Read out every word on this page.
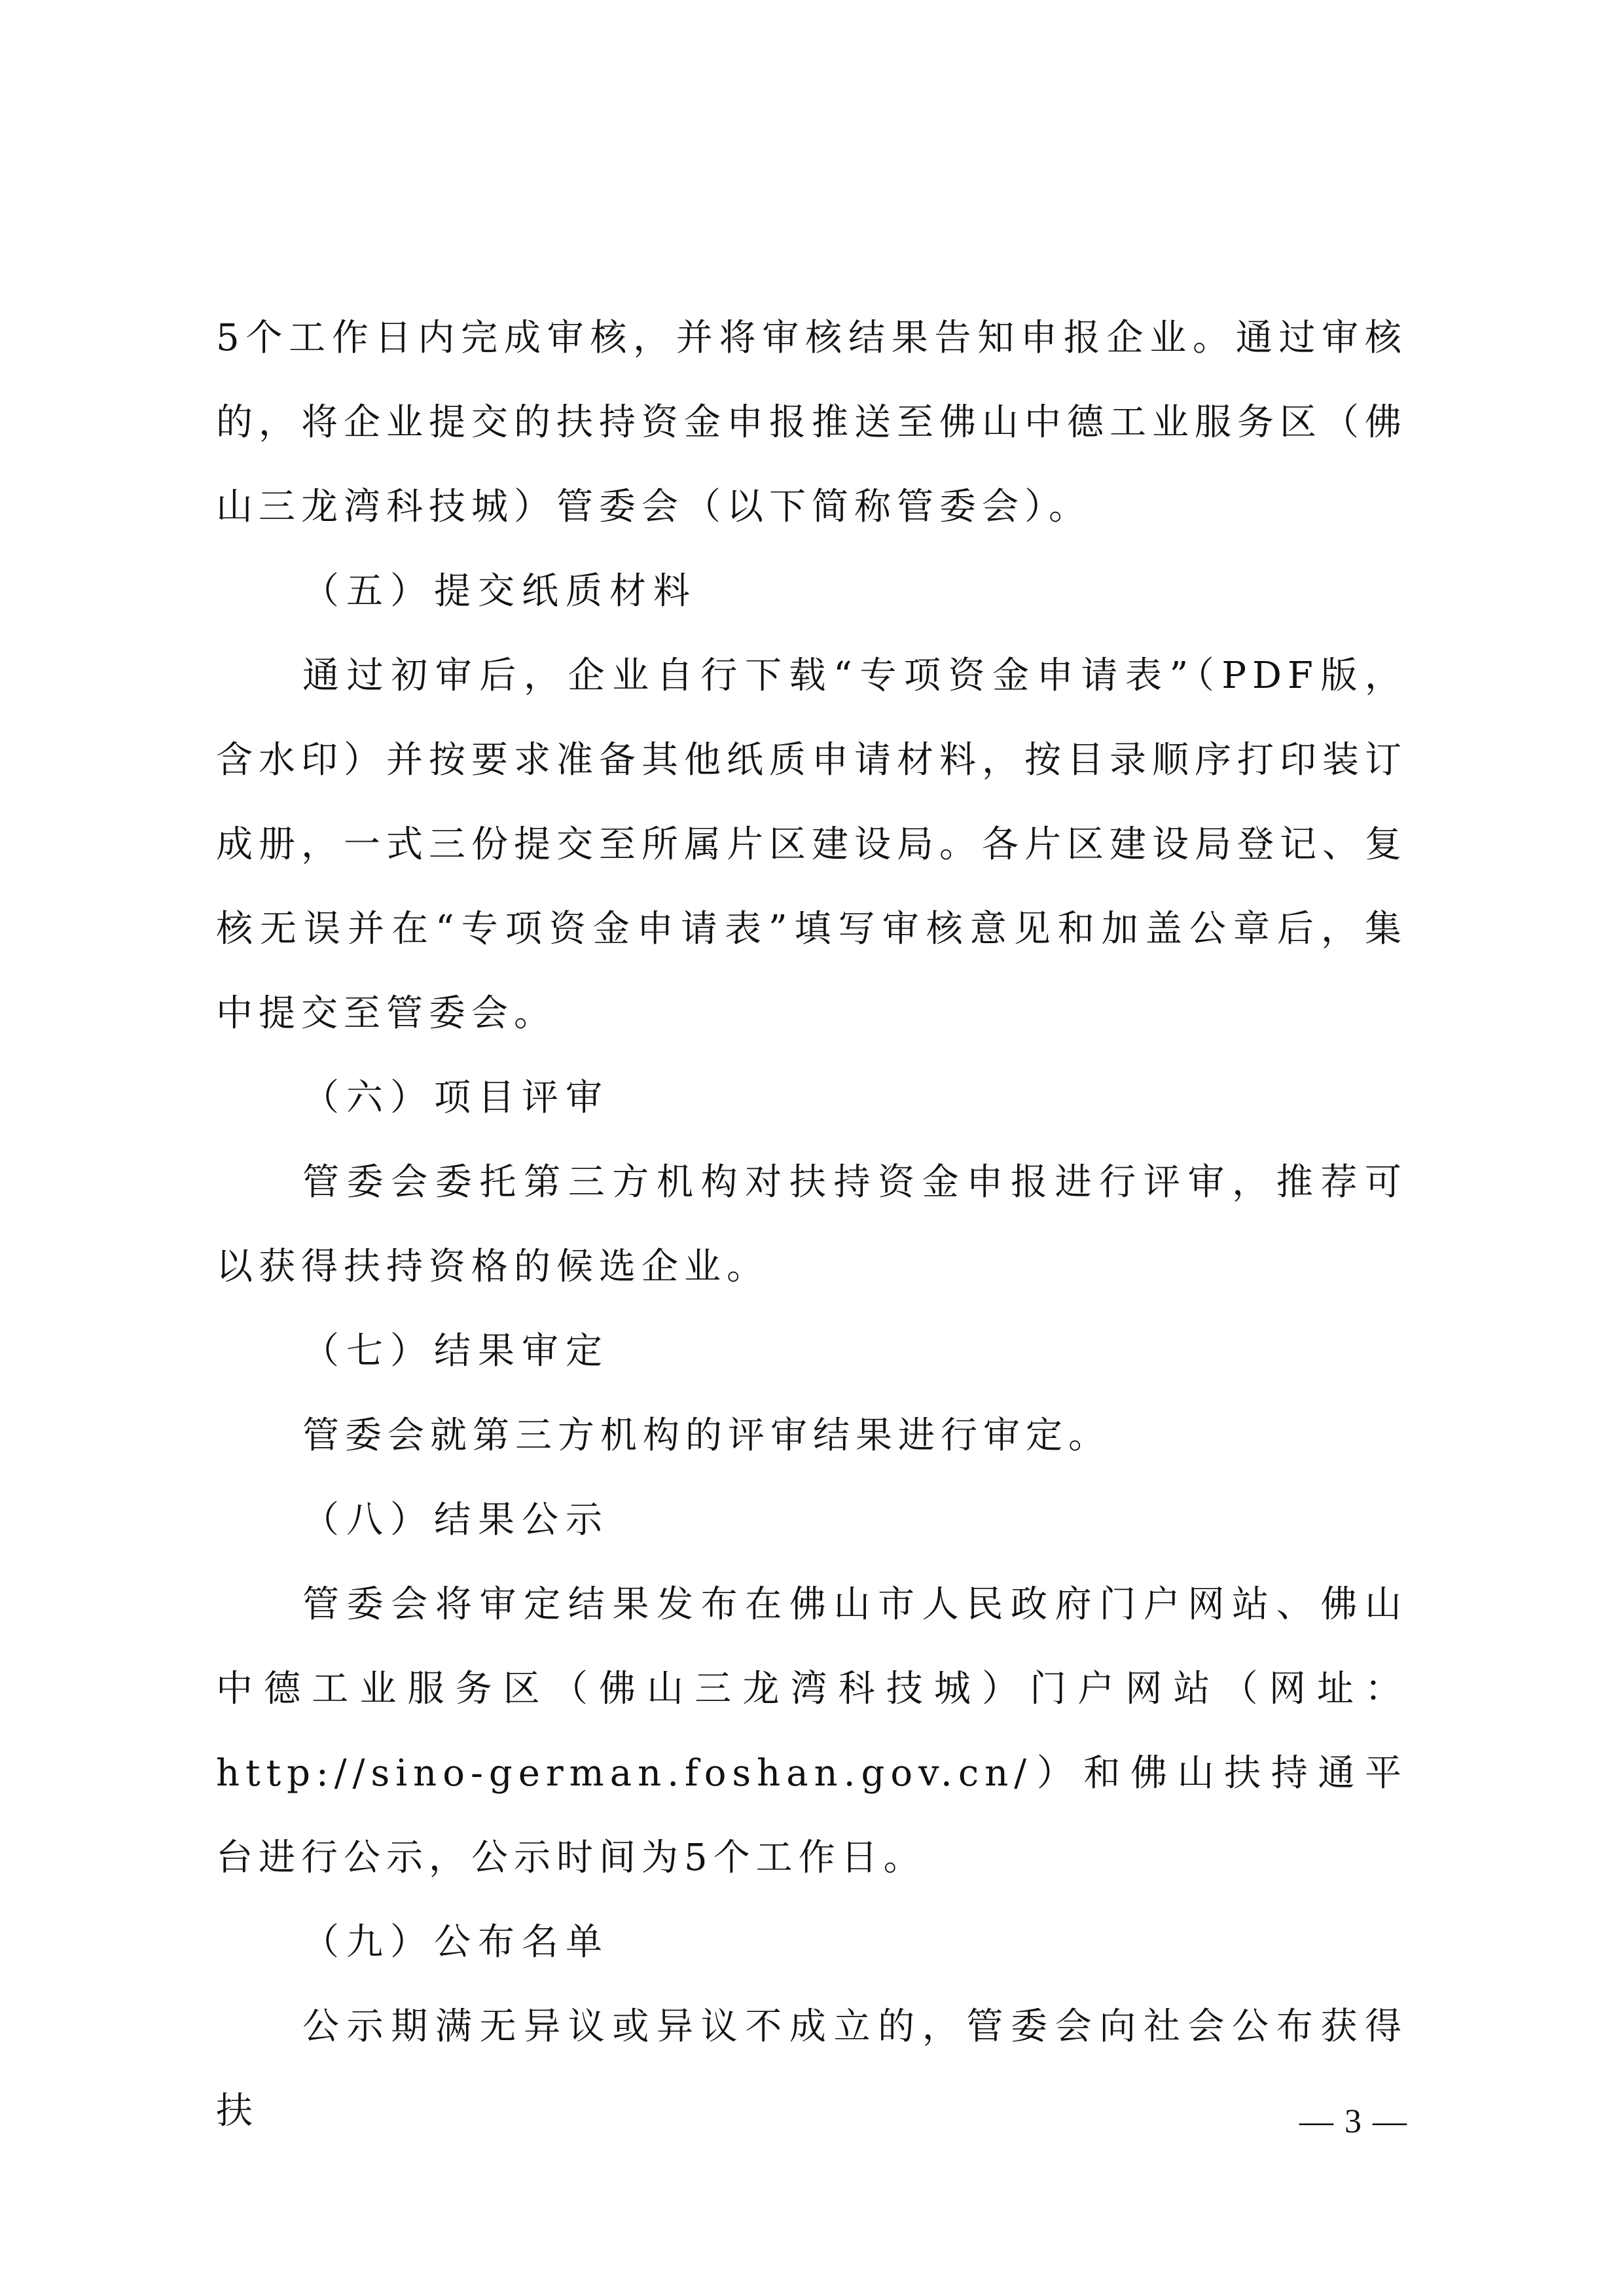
5个工作日内完成审核，并将审核结果告知申报企业。通过审核的，将企业提交的扶持资金申报推送至佛山中德工业服务区（佛山三龙湾科技城）管委会（以下简称管委会）。

（五）提交纸质材料

通过初审后，企业自行下载“专项资金申请表”（PDF版，含水印）并按要求准备其他纸质申请材料，按目录顺序打印装订成册，一式三份提交至所属片区建设局。各片区建设局登记、复核无误并在“专项资金申请表”填写审核意见和加盖公章后，集中提交至管委会。

（六）项目评审

管委会委托第三方机构对扶持资金申报进行评审，推荐可以获得扶持资格的候选企业。

（七）结果审定

管委会就第三方机构的评审结果进行审定。

（八）结果公示

管委会将审定结果发布在佛山市人民政府门户网站、佛山中德工业服务区（佛山三龙湾科技城）门户网站（网址：http://sino-german.foshan.gov.cn/）和佛山扶持通平台进行公示，公示时间为5个工作日。

（九）公布名单

公示期满无异议或异议不成立的，管委会向社会公布获得扶	— 3 —
